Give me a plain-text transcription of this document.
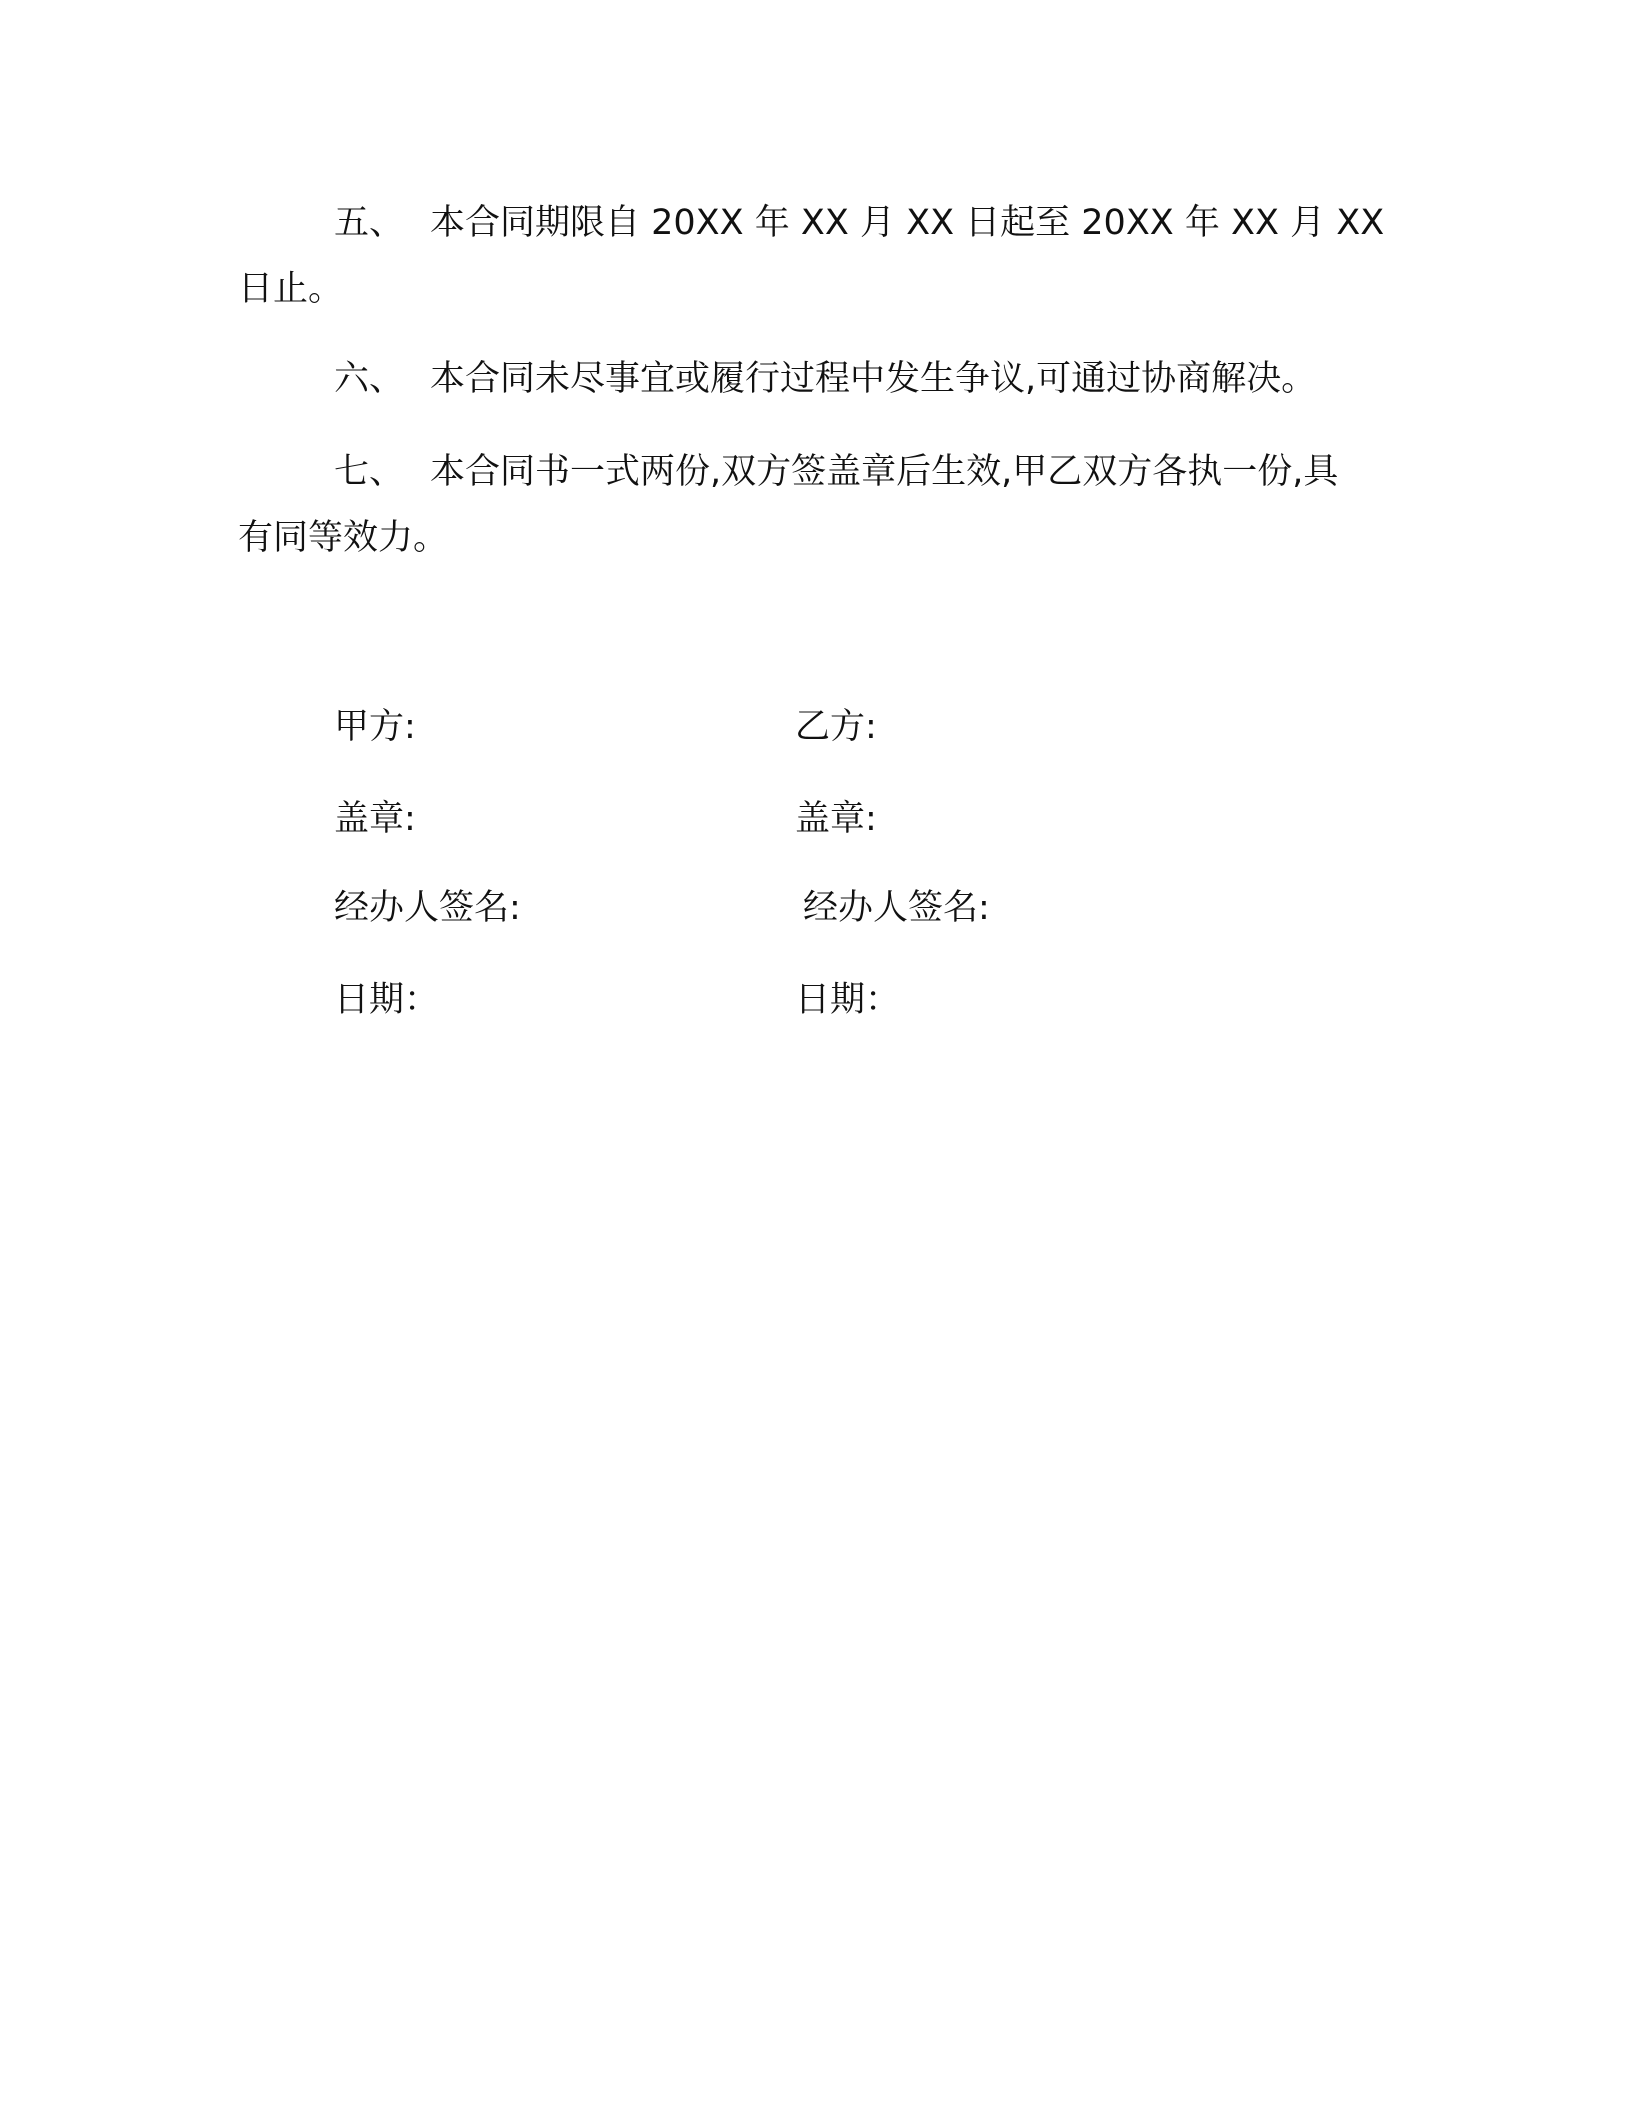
五、 本合同期限自 20XX 年 XX 月 XX 日起至 20XX 年 XX 月 XX
日止。
六、 本合同未尽事宜或履行过程中发生争议,可通过协商解决。
七、 本合同书一式两份,双方签盖章后生效,甲乙双方各执一份,具
有同等效力。
甲方:
盖章:
经办人签名:
日期：
乙方:
盖章:
经办人签名:
日期：
